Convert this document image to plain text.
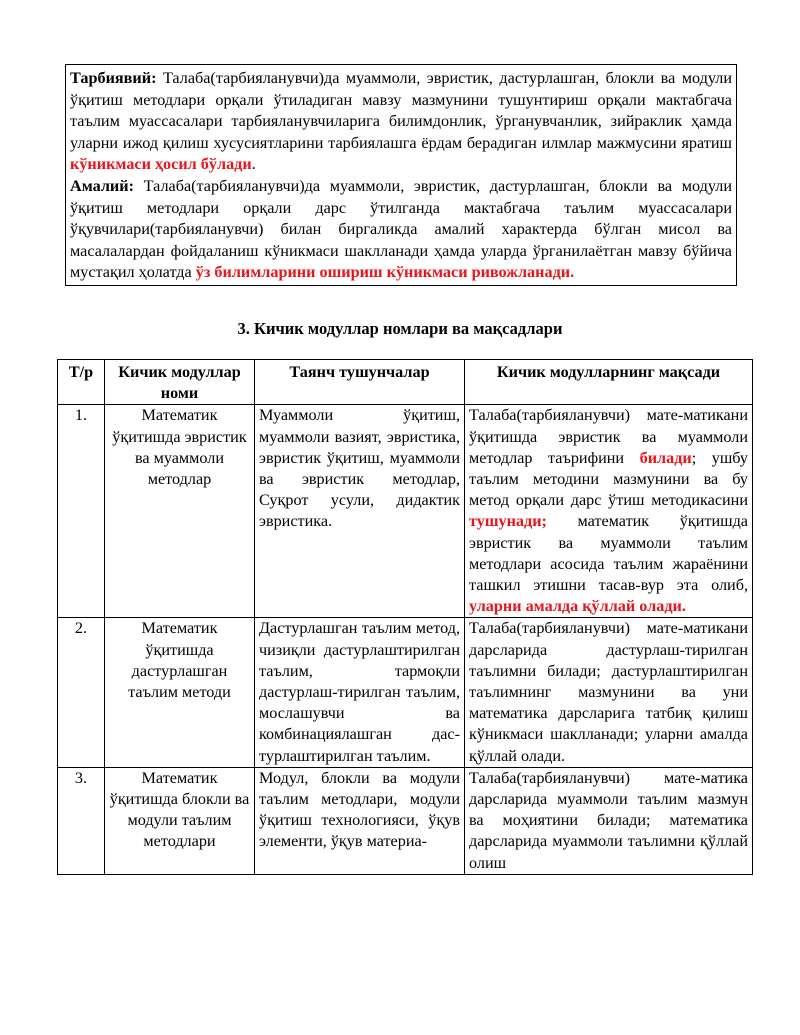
Тарбиявий: Талаба(тарбияланувчи)да муаммоли, эвристик, дастурлашган, блокли ва модули ўқитиш методлари орқали ўтиладиган мавзу мазмунини тушунтириш орқали мактабгача таълим муассасалари тарбияланувчиларига билимдонлик, ўрганувчанлик, зийраклик ҳамда уларни ижод қилиш хусусиятларини тарбиялашга ёрдам берадиган илмлар мажмусини яратиш кўникмаси ҳосил бўлади.

Амалий: Талаба(тарбияланувчи)да муаммоли, эвристик, дастурлашган, блокли ва модули ўқитиш методлари орқали дарс ўтилганда мактабгача таълим муассасалари ўқувчилари(тарбияланувчи) билан биргаликда амалий характерда бўлган мисол ва масалалардан фойдаланиш кўникмаси шаклланади ҳамда уларда ўрганилаётган мавзу бўйича мустақил ҳолатда ўз билимларини ошириш кўникмаси ривожланади.

3. Кичик модуллар номлари ва мақсадлари
Т/р	Кичик модуллар номи	Таянч тушунчалар	Кичик модулларнинг мақсади
1.	Математик ўқитишда эвристик ва муаммоли методлар	Муаммоли ўқитиш, муаммоли вазият, эвристика, эвристик ўқитиш, муаммоли ва эвристик методлар, Суқрот усули, дидактик эвристика.	Талаба(тарбияланувчи) мате-матикани ўқитишда эвристик ва муаммоли методлар таърифини билади; ушбу таълим методини мазмунини ва бу метод орқали дарс ўтиш методикасини тушунади; математик ўқитишда эвристик ва муаммоли таълим методлари асосида таълим жараёнини ташкил этишни тасав-вур эта олиб, уларни амалда қўллай олади.
2.	Математик ўқитишда дастурлашган таълим методи	Дастурлашган таълим метод, чизиқли дастурлаштирилган таълим, тармоқли дастурлаш-тирилган таълим, мослашувчи ва комбинациялашган дас-турлаштирилган таълим.	Талаба(тарбияланувчи) мате-матикани дарсларида дастурлаш-тирилган таълимни билади; дастурлаштирилган таълимнинг мазмунини ва уни математика дарсларига татбиқ қилиш кўникмаси шаклланади; уларни амалда қўллай олади.
3.	Математик ўқитишда блокли ва модули таълим методлари	Модул, блокли ва модули таълим методлари, модули ўқитиш технологияси, ўқув элементи, ўқув материа-	Талаба(тарбияланувчи) мате-матика дарсларида муаммоли таълим мазмун ва моҳиятини билади; математика дарсларида муаммоли таълимни қўллай олиш
